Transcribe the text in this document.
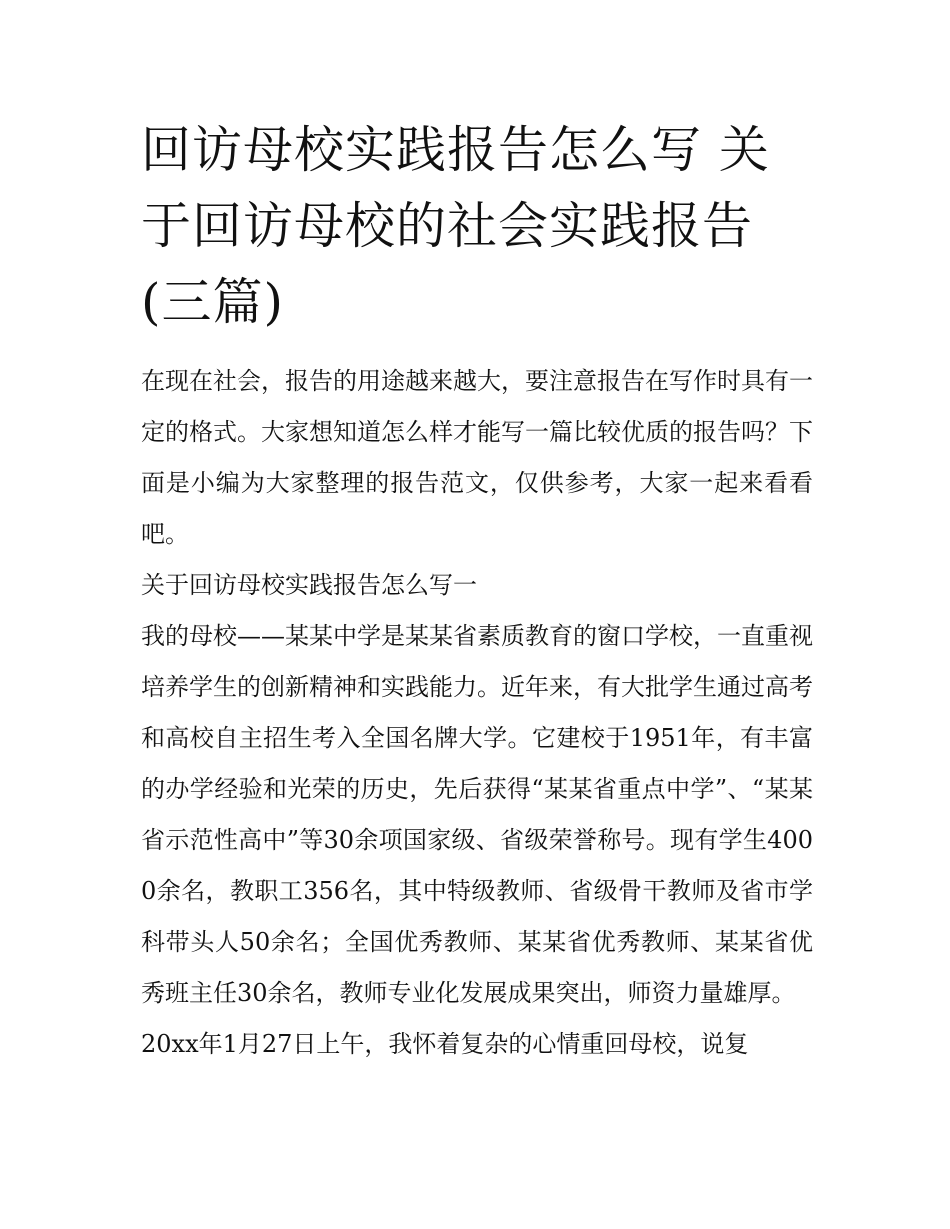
回访母校实践报告怎么写 关于回访母校的社会实践报告(三篇)

在现在社会，报告的用途越来越大，要注意报告在写作时具有一定的格式。大家想知道怎么样才能写一篇比较优质的报告吗？下面是小编为大家整理的报告范文，仅供参考，大家一起来看看吧。

关于回访母校实践报告怎么写一

我的母校——某某中学是某某省素质教育的窗口学校，一直重视培养学生的创新精神和实践能力。近年来，有大批学生通过高考和高校自主招生考入全国名牌大学。它建校于1951年，有丰富的办学经验和光荣的历史，先后获得“某某省重点中学”、“某某省示范性高中”等30余项国家级、省级荣誉称号。现有学生4000余名，教职工356名，其中特级教师、省级骨干教师及省市学科带头人50余名；全国优秀教师、某某省优秀教师、某某省优秀班主任30余名，教师专业化发展成果突出，师资力量雄厚。

20xx年1月27日上午，我怀着复杂的心情重回母校，说复
